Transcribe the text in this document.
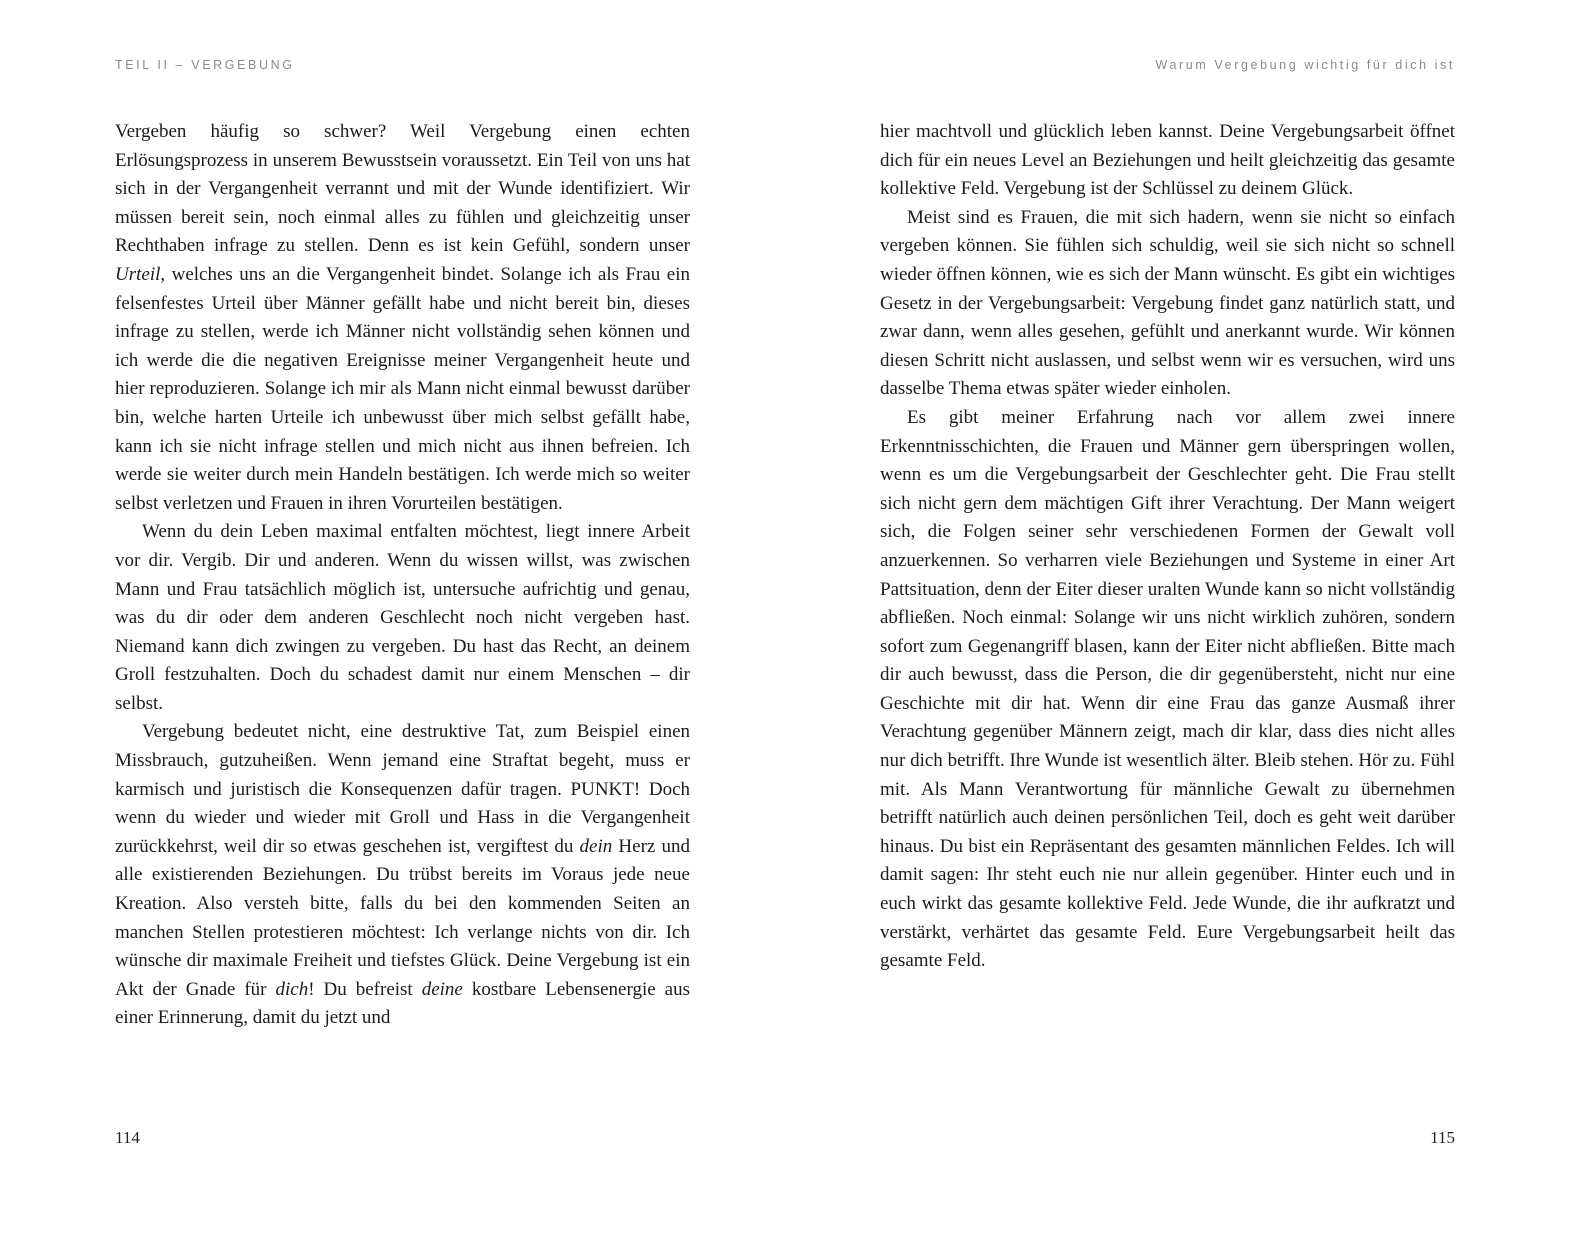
TEIL II – VERGEBUNG

Vergeben häufig so schwer? Weil Vergebung einen echten Erlösungsprozess in unserem Bewusstsein voraussetzt. Ein Teil von uns hat sich in der Vergangenheit verrannt und mit der Wunde identifiziert. Wir müssen bereit sein, noch einmal alles zu fühlen und gleichzeitig unser Rechthaben infrage zu stellen. Denn es ist kein Gefühl, sondern unser Urteil, welches uns an die Vergangenheit bindet. Solange ich als Frau ein felsenfestes Urteil über Männer gefällt habe und nicht bereit bin, dieses infrage zu stellen, werde ich Männer nicht vollständig sehen können und ich werde die die negativen Ereignisse meiner Vergangenheit heute und hier reproduzieren. Solange ich mir als Mann nicht einmal bewusst darüber bin, welche harten Urteile ich unbewusst über mich selbst gefällt habe, kann ich sie nicht infrage stellen und mich nicht aus ihnen befreien. Ich werde sie weiter durch mein Handeln bestätigen. Ich werde mich so weiter selbst verletzen und Frauen in ihren Vorurteilen bestätigen.

Wenn du dein Leben maximal entfalten möchtest, liegt innere Arbeit vor dir. Vergib. Dir und anderen. Wenn du wissen willst, was zwischen Mann und Frau tatsächlich möglich ist, untersuche aufrichtig und genau, was du dir oder dem anderen Geschlecht noch nicht vergeben hast. Niemand kann dich zwingen zu vergeben. Du hast das Recht, an deinem Groll festzuhalten. Doch du schadest damit nur einem Menschen – dir selbst.

Vergebung bedeutet nicht, eine destruktive Tat, zum Beispiel einen Missbrauch, gutzuheißen. Wenn jemand eine Straftat begeht, muss er karmisch und juristisch die Konsequenzen dafür tragen. PUNKT! Doch wenn du wieder und wieder mit Groll und Hass in die Vergangenheit zurückkehrst, weil dir so etwas geschehen ist, vergiftest du dein Herz und alle existierenden Beziehungen. Du trübst bereits im Voraus jede neue Kreation. Also versteh bitte, falls du bei den kommenden Seiten an manchen Stellen protestieren möchtest: Ich verlange nichts von dir. Ich wünsche dir maximale Freiheit und tiefstes Glück. Deine Vergebung ist ein Akt der Gnade für dich! Du befreist deine kostbare Lebensenergie aus einer Erinnerung, damit du jetzt und

114
Warum Vergebung wichtig für dich ist

hier machtvoll und glücklich leben kannst. Deine Vergebungsarbeit öffnet dich für ein neues Level an Beziehungen und heilt gleichzeitig das gesamte kollektive Feld. Vergebung ist der Schlüssel zu deinem Glück.

Meist sind es Frauen, die mit sich hadern, wenn sie nicht so einfach vergeben können. Sie fühlen sich schuldig, weil sie sich nicht so schnell wieder öffnen können, wie es sich der Mann wünscht. Es gibt ein wichtiges Gesetz in der Vergebungsarbeit: Vergebung findet ganz natürlich statt, und zwar dann, wenn alles gesehen, gefühlt und anerkannt wurde. Wir können diesen Schritt nicht auslassen, und selbst wenn wir es versuchen, wird uns dasselbe Thema etwas später wieder einholen.

Es gibt meiner Erfahrung nach vor allem zwei innere Erkenntnisschichten, die Frauen und Männer gern überspringen wollen, wenn es um die Vergebungsarbeit der Geschlechter geht. Die Frau stellt sich nicht gern dem mächtigen Gift ihrer Verachtung. Der Mann weigert sich, die Folgen seiner sehr verschiedenen Formen der Gewalt voll anzuerkennen. So verharren viele Beziehungen und Systeme in einer Art Pattsituation, denn der Eiter dieser uralten Wunde kann so nicht vollständig abfließen. Noch einmal: Solange wir uns nicht wirklich zuhören, sondern sofort zum Gegenangriff blasen, kann der Eiter nicht abfließen. Bitte mach dir auch bewusst, dass die Person, die dir gegenübersteht, nicht nur eine Geschichte mit dir hat. Wenn dir eine Frau das ganze Ausmaß ihrer Verachtung gegenüber Männern zeigt, mach dir klar, dass dies nicht alles nur dich betrifft. Ihre Wunde ist wesentlich älter. Bleib stehen. Hör zu. Fühl mit. Als Mann Verantwortung für männliche Gewalt zu übernehmen betrifft natürlich auch deinen persönlichen Teil, doch es geht weit darüber hinaus. Du bist ein Repräsentant des gesamten männlichen Feldes. Ich will damit sagen: Ihr steht euch nie nur allein gegenüber. Hinter euch und in euch wirkt das gesamte kollektive Feld. Jede Wunde, die ihr aufkratzt und verstärkt, verhärtet das gesamte Feld. Eure Vergebungsarbeit heilt das gesamte Feld.

115
